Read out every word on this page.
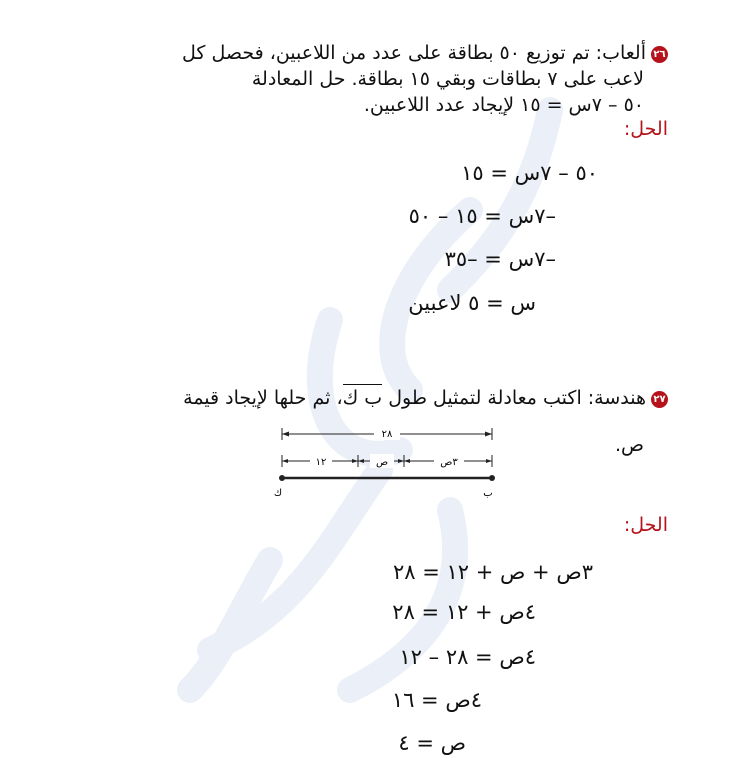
٢٦ألعاب: تم توزيع ٥٠ بطاقة على عدد من اللاعبين، فحصل كل
لاعب على ٧ بطاقات وبقي ١٥ بطاقة. حل المعادلة
٥٠ – ٧س = ١٥ لإيجاد عدد اللاعبين.
الحل:
٥٠ – ٧س = ١٥
–٧س = ١٥ – ٥٠
–٧س = –٣٥
س = ٥ لاعبين
٢٧هندسة: اكتب معادلة لتمثيل طول ب ك، ثم حلها لإيجاد قيمة
ص.
٢٨
١٢	ص	٣ص
ك	ب
الحل:
٣ص + ص + ١٢ = ٢٨
٤ص + ١٢ = ٢٨
٤ص = ٢٨ – ١٢
٤ص = ١٦
ص = ٤
